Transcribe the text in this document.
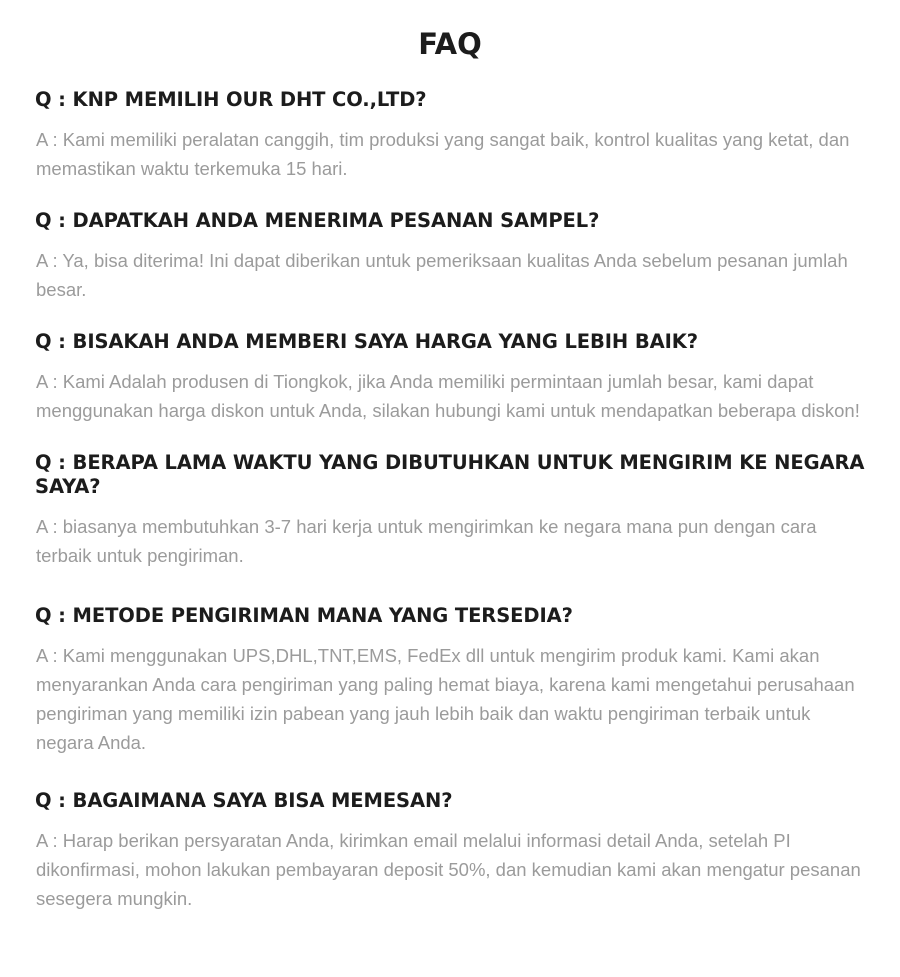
FAQ
Q : KNP MEMILIH OUR DHT CO.,LTD?

A : Kami memiliki peralatan canggih, tim produksi yang sangat baik, kontrol kualitas yang ketat, dan memastikan waktu terkemuka 15 hari.

Q : DAPATKAH ANDA MENERIMA PESANAN SAMPEL?

A : Ya, bisa diterima! Ini dapat diberikan untuk pemeriksaan kualitas Anda sebelum pesanan jumlah besar.

Q : BISAKAH ANDA MEMBERI SAYA HARGA YANG LEBIH BAIK?

A : Kami Adalah produsen di Tiongkok, jika Anda memiliki permintaan jumlah besar, kami dapat menggunakan harga diskon untuk Anda, silakan hubungi kami untuk mendapatkan beberapa diskon!

Q : BERAPA LAMA WAKTU YANG DIBUTUHKAN UNTUK MENGIRIM KE NEGARA SAYA?

A : biasanya membutuhkan 3-7 hari kerja untuk mengirimkan ke negara mana pun dengan cara terbaik untuk pengiriman.

Q : METODE PENGIRIMAN MANA YANG TERSEDIA?

A : Kami menggunakan UPS,DHL,TNT,EMS, FedEx dll untuk mengirim produk kami. Kami akan menyarankan Anda cara pengiriman yang paling hemat biaya, karena kami mengetahui perusahaan pengiriman yang memiliki izin pabean yang jauh lebih baik dan waktu pengiriman terbaik untuk negara Anda.

Q : BAGAIMANA SAYA BISA MEMESAN?

A : Harap berikan persyaratan Anda, kirimkan email melalui informasi detail Anda, setelah PI dikonfirmasi, mohon lakukan pembayaran deposit 50%, dan kemudian kami akan mengatur pesanan sesegera mungkin.
